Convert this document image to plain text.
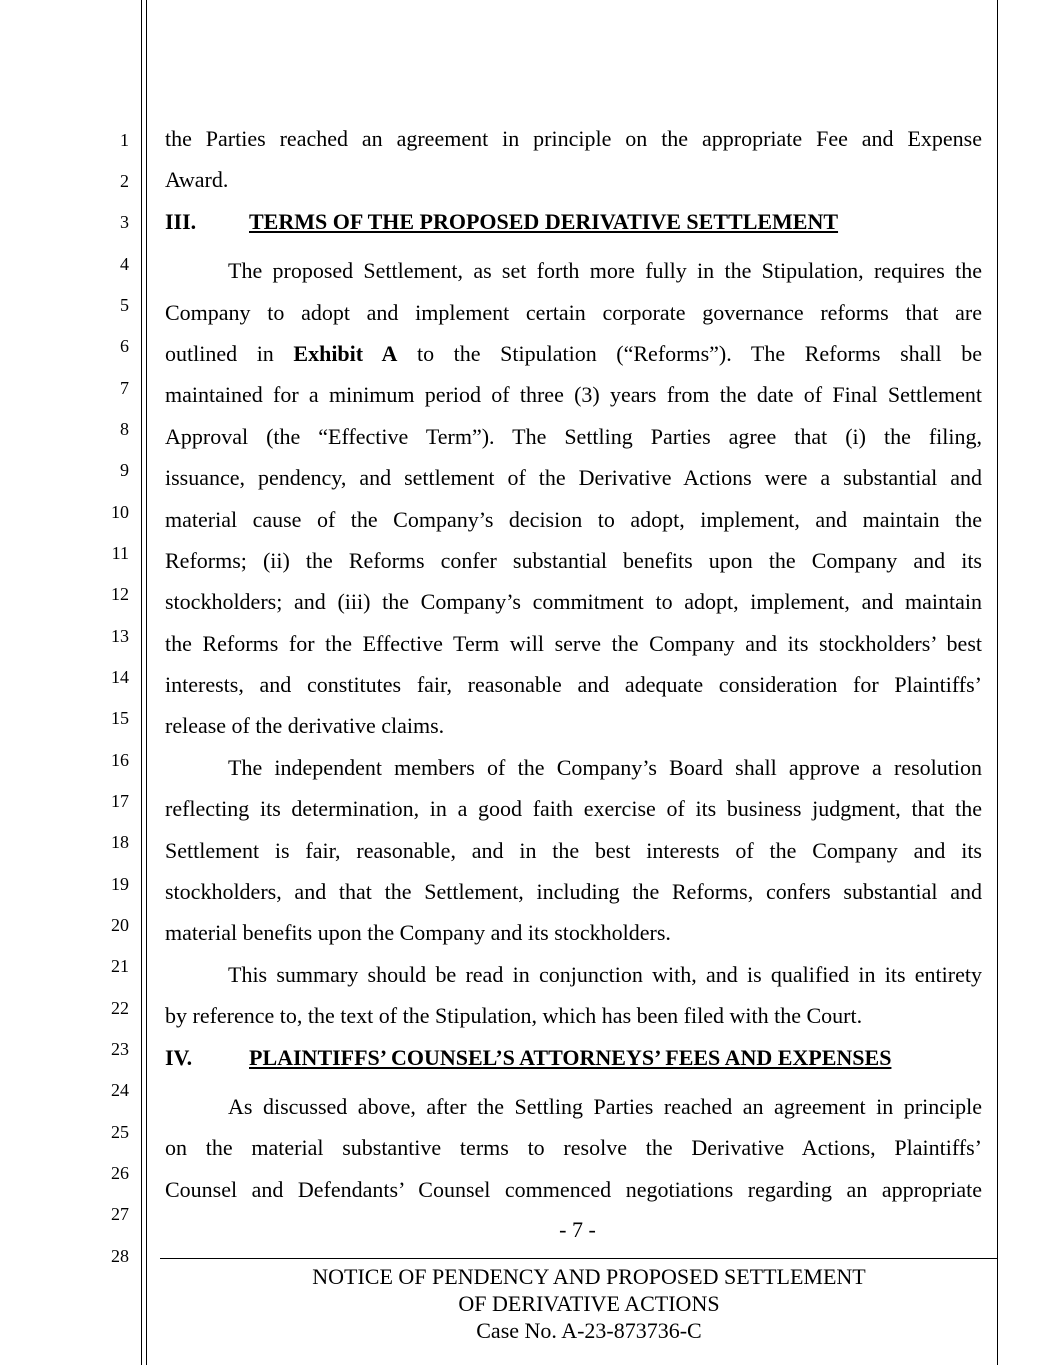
1
2
3
4
5
6
7
8
9
10
11
12
13
14
15
16
17
18
19
20
21
22
23
24
25
26
27
28
the Parties reached an agreement in principle on the appropriate Fee and Expense
Award.
III. TERMS OF THE PROPOSED DERIVATIVE SETTLEMENT
The proposed Settlement, as set forth more fully in the Stipulation, requires the
Company to adopt and implement certain corporate governance reforms that are
outlined in Exhibit A to the Stipulation (“Reforms”). The Reforms shall be
maintained for a minimum period of three (3) years from the date of Final Settlement
Approval (the “Effective Term”). The Settling Parties agree that (i) the filing,
issuance, pendency, and settlement of the Derivative Actions were a substantial and
material cause of the Company’s decision to adopt, implement, and maintain the
Reforms; (ii) the Reforms confer substantial benefits upon the Company and its
stockholders; and (iii) the Company’s commitment to adopt, implement, and maintain
the Reforms for the Effective Term will serve the Company and its stockholders’ best
interests, and constitutes fair, reasonable and adequate consideration for Plaintiffs’
release of the derivative claims.
The independent members of the Company’s Board shall approve a resolution
reflecting its determination, in a good faith exercise of its business judgment, that the
Settlement is fair, reasonable, and in the best interests of the Company and its
stockholders, and that the Settlement, including the Reforms, confers substantial and
material benefits upon the Company and its stockholders.
This summary should be read in conjunction with, and is qualified in its entirety
by reference to, the text of the Stipulation, which has been filed with the Court.
IV.	PLAINTIFFS’ COUNSEL’S ATTORNEYS’ FEES AND EXPENSES
As discussed above, after the Settling Parties reached an agreement in principle
on the material substantive terms to resolve the Derivative Actions, Plaintiffs’
Counsel and Defendants’ Counsel commenced negotiations regarding an appropriate
- 7 -
NOTICE OF PENDENCY AND PROPOSED SETTLEMENT
OF DERIVATIVE ACTIONS
Case No. A-23-873736-C
